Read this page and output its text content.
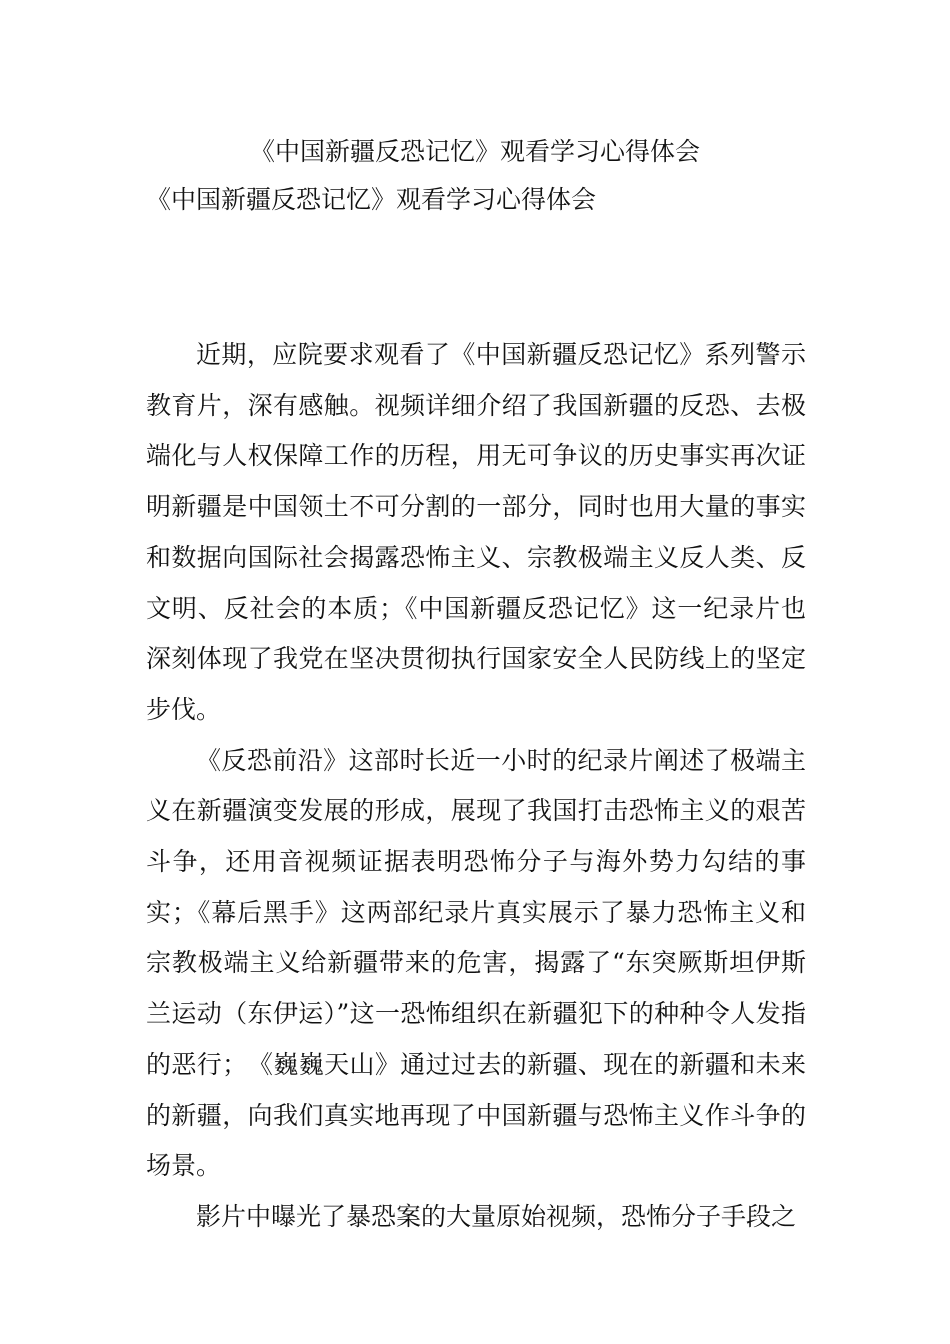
《中国新疆反恐记忆》观看学习心得体会
《中国新疆反恐记忆》观看学习心得体会

近期，应院要求观看了《中国新疆反恐记忆》系列警示教育片，深有感触。视频详细介绍了我国新疆的反恐、去极端化与人权保障工作的历程，用无可争议的历史事实再次证明新疆是中国领土不可分割的一部分，同时也用大量的事实和数据向国际社会揭露恐怖主义、宗教极端主义反人类、反文明、反社会的本质；《中国新疆反恐记忆》这一纪录片也深刻体现了我党在坚决贯彻执行国家安全人民防线上的坚定步伐。

《反恐前沿》这部时长近一小时的纪录片阐述了极端主义在新疆演变发展的形成，展现了我国打击恐怖主义的艰苦斗争，还用音视频证据表明恐怖分子与海外势力勾结的事实；《幕后黑手》这两部纪录片真实展示了暴力恐怖主义和宗教极端主义给新疆带来的危害，揭露了“东突厥斯坦伊斯兰运动（东伊运）”这一恐怖组织在新疆犯下的种种令人发指的恶行；　《巍巍天山》通过过去的新疆、现在的新疆和未来的新疆，向我们真实地再现了中国新疆与恐怖主义作斗争的场景。

影片中曝光了暴恐案的大量原始视频，恐怖分子手段之
